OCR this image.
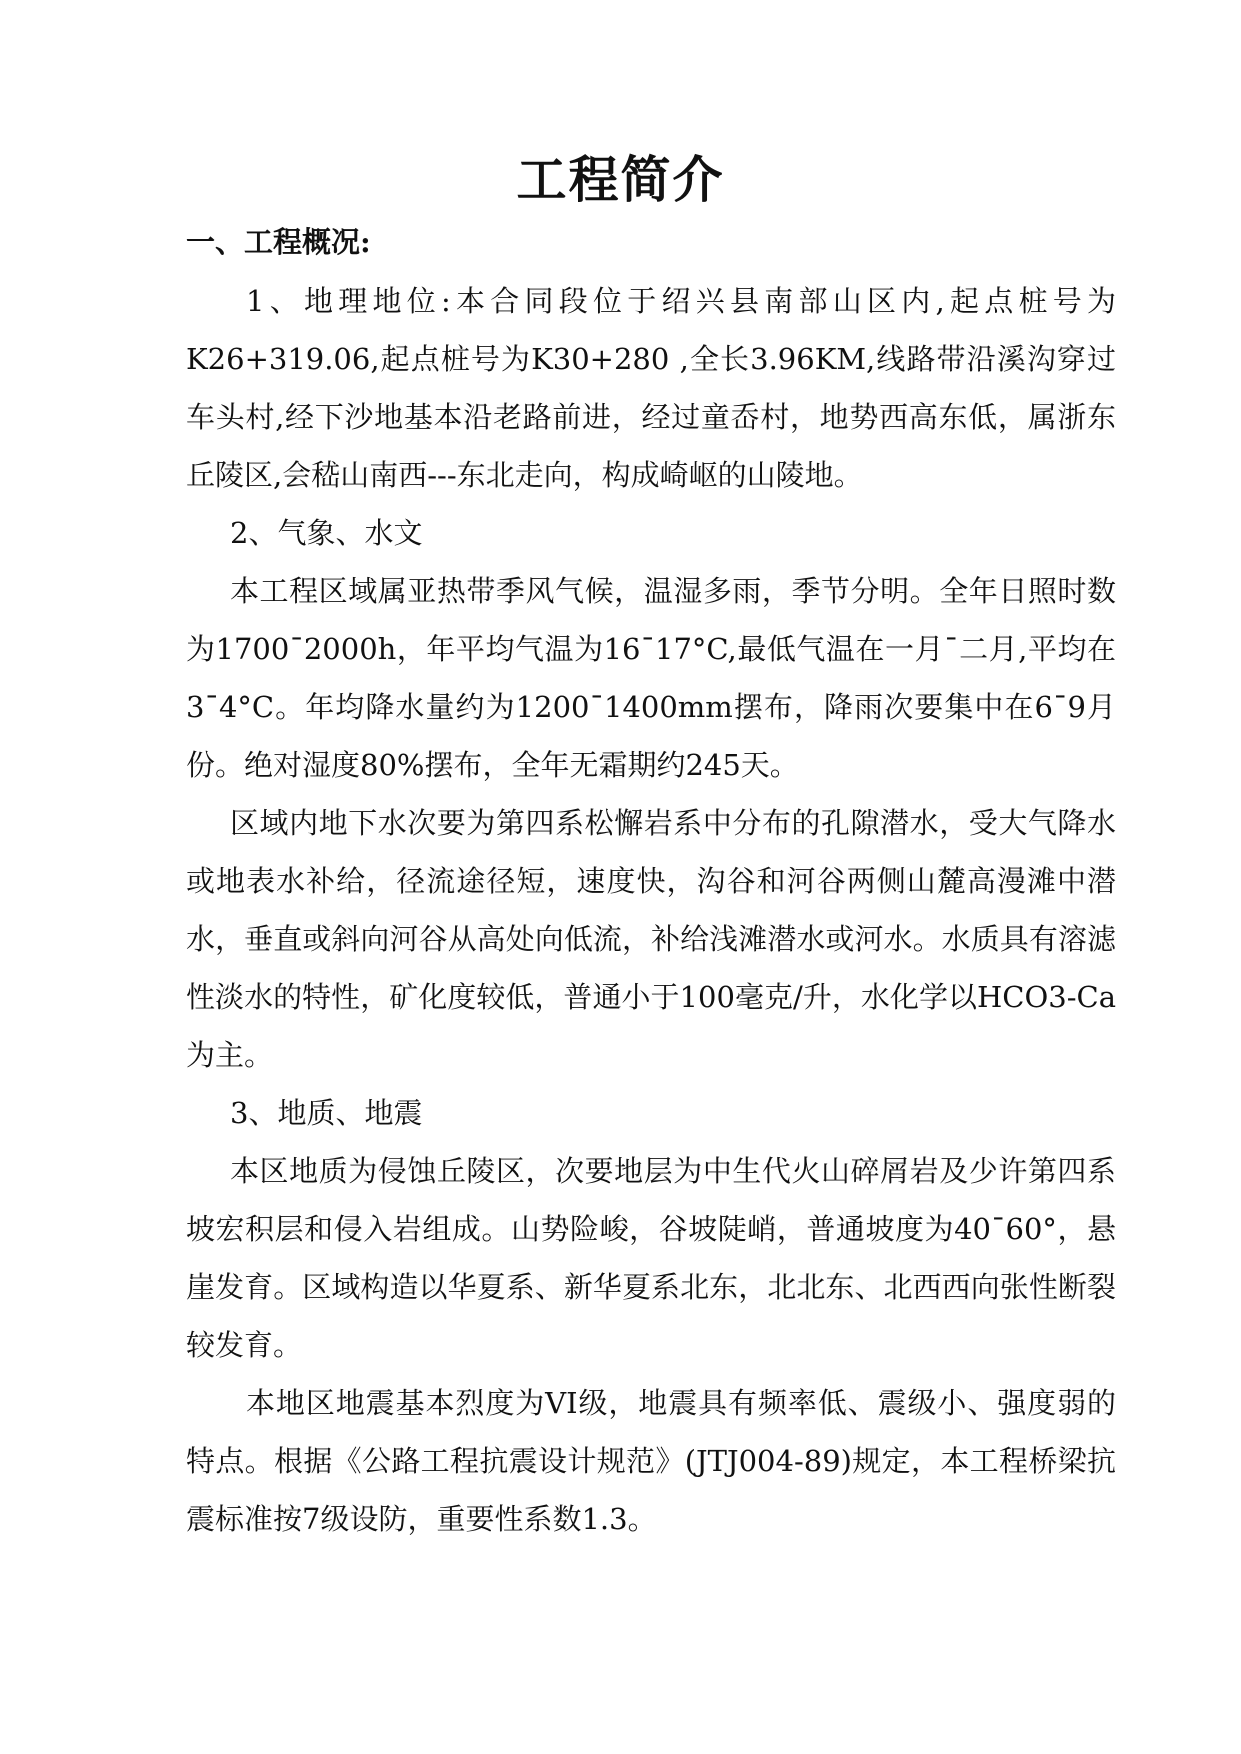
工程简介
一、工程概况:
1、地理地位:本合同段位于绍兴县南部山区内,起点桩号为K26+319.06,起点桩号为K30+280 ,全长3.96KM,线路带沿溪沟穿过车头村,经下沙地基本沿老路前进，经过童岙村，地势西高东低，属浙东丘陵区,会嵇山南西---东北走向，构成崎岖的山陵地。
2、气象、水文
本工程区域属亚热带季风气候，温湿多雨，季节分明。全年日照时数为1700¯2000h，年平均气温为16¯17°C,最低气温在一月¯二月,平均在3¯4°C。年均降水量约为1200¯1400mm摆布，降雨次要集中在6¯9月份。绝对湿度80%摆布，全年无霜期约245天。
区域内地下水次要为第四系松懈岩系中分布的孔隙潜水，受大气降水或地表水补给，径流途径短，速度快，沟谷和河谷两侧山麓高漫滩中潜水，垂直或斜向河谷从高处向低流，补给浅滩潜水或河水。水质具有溶滤性淡水的特性，矿化度较低，普通小于100毫克/升，水化学以HCO3-Ca为主。
3、地质、地震
本区地质为侵蚀丘陵区，次要地层为中生代火山碎屑岩及少许第四系坡宏积层和侵入岩组成。山势险峻，谷坡陡峭，普通坡度为40¯60°，悬崖发育。区域构造以华夏系、新华夏系北东，北北东、北西西向张性断裂较发育。
本地区地震基本烈度为VI级，地震具有频率低、震级小、强度弱的特点。根据《公路工程抗震设计规范》(JTJ004-89)规定，本工程桥梁抗震标准按7级设防，重要性系数1.3。
